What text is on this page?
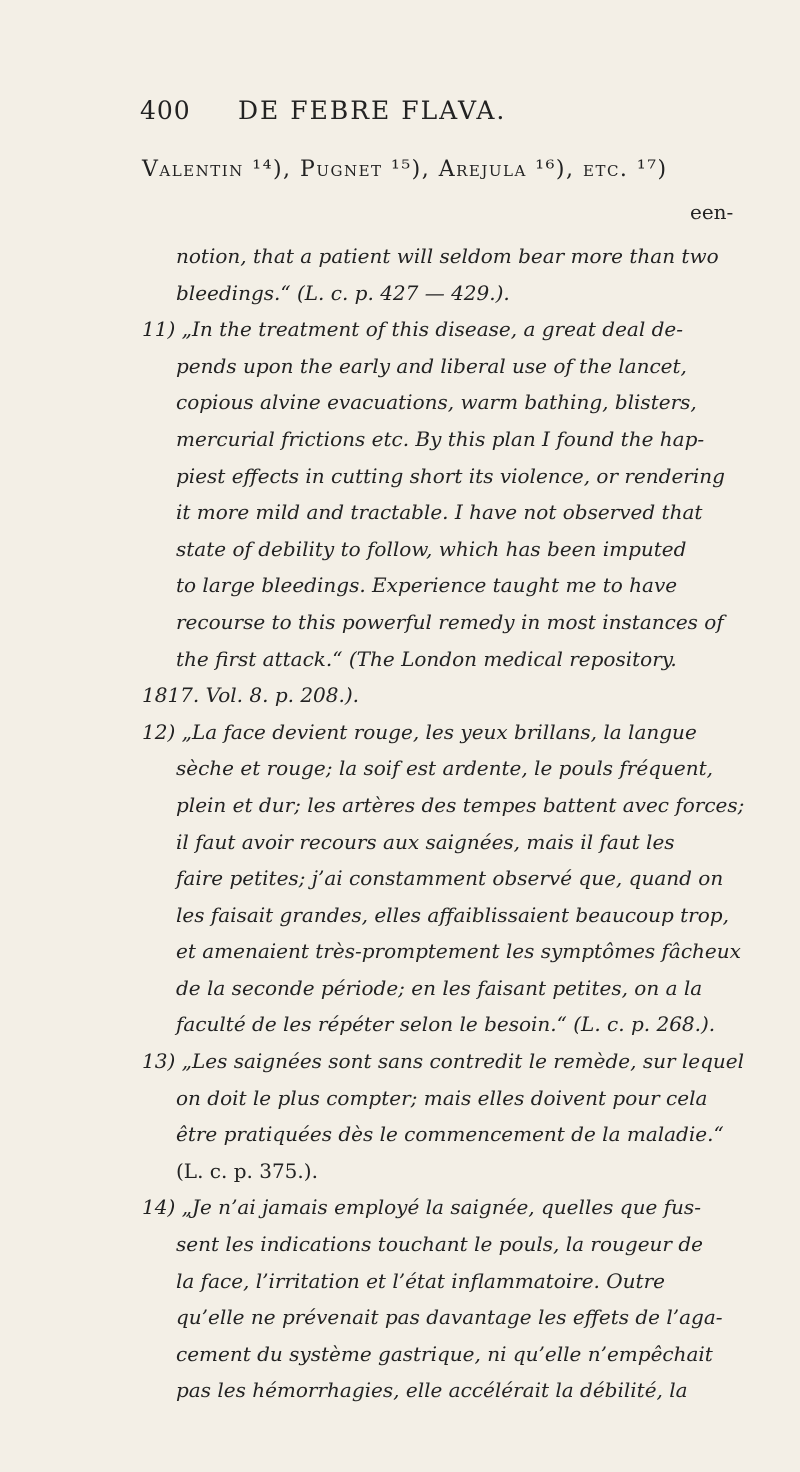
400 DE FEBRE FLAVA.
Valentin ¹⁴), Pugnet ¹⁵), Arejula ¹⁶), etc. ¹⁷)
een-
notion, that a patient will seldom bear more than two
bleedings.“ (L. c. p. 427 — 429.).
11) „In the treatment of this disease, a great deal de-
pends upon the early and liberal use of the lancet,
copious alvine evacuations, warm bathing, blisters,
mercurial frictions etc. By this plan I found the hap-
piest effects in cutting short its violence, or rendering
it more mild and tractable. I have not observed that
state of debility to follow, which has been imputed
to large bleedings. Experience taught me to have
recourse to this powerful remedy in most instances of
the first attack.“ (The London medical repository.
1817. Vol. 8. p. 208.).
12) „La face devient rouge, les yeux brillans, la langue
sèche et rouge; la soif est ardente, le pouls fréquent,
plein et dur; les artères des tempes battent avec forces;
il faut avoir recours aux saignées, mais il faut les
faire petites; j’ai constamment observé que, quand on
les faisait grandes, elles affaiblissaient beaucoup trop,
et amenaient très-promptement les symptômes fâcheux
de la seconde période; en les faisant petites, on a la
faculté de les répéter selon le besoin.“ (L. c. p. 268.).
13) „Les saignées sont sans contredit le remède, sur lequel
on doit le plus compter; mais elles doivent pour cela
être pratiquées dès le commencement de la maladie.“
(L. c. p. 375.).
14) „Je n’ai jamais employé la saignée, quelles que fus-
sent les indications touchant le pouls, la rougeur de
la face, l’irritation et l’état inflammatoire. Outre
qu’elle ne prévenait pas davantage les effets de l’aga-
cement du système gastrique, ni qu’elle n’empêchait
pas les hémorrhagies, elle accélérait la débilité, la
